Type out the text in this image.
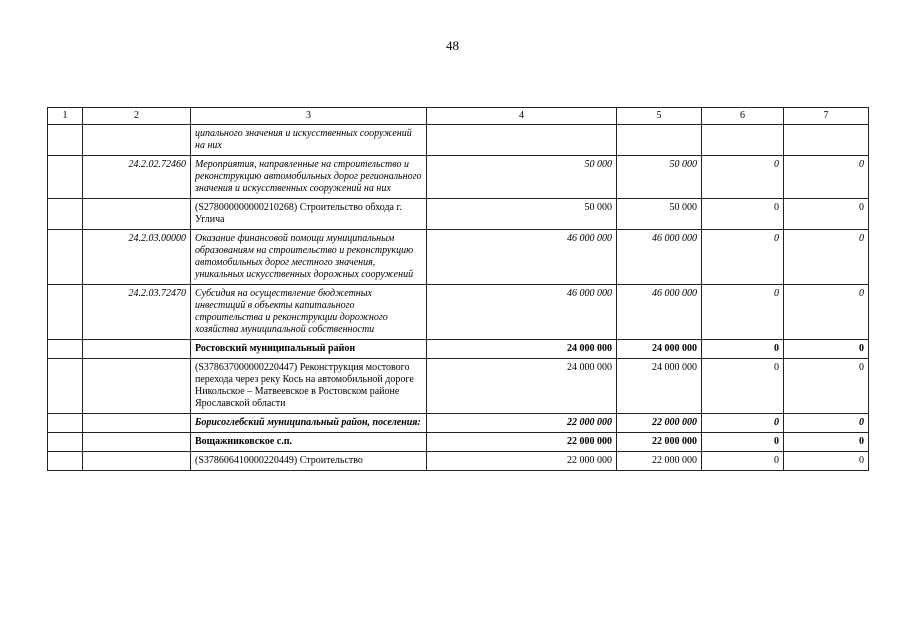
48
1	2	3	4	5	6	7
		ципального значения и искусственных сооружений на них				
	24.2.02.72460	Мероприятия, направленные на строительство и реконструкцию автомобильных дорог регионального значения и искусственных сооружений на них	50 000	50 000	0	0
		(S278000000000210268) Строительство обхода г. Углича	50 000	50 000	0	0
	24.2.03.00000	Оказание финансовой помощи муниципальным образованиям на строительство и реконструкцию автомобильных дорог местного значения, уникальных искусственных дорожных сооружений	46 000 000	46 000 000	0	0
	24.2.03.72470	Субсидия на осуществление бюджетных инвестиций в объекты капитального строительства и реконструкции дорожного хозяйства муниципальной собственности	46 000 000	46 000 000	0	0
		Ростовский муниципальный район	24 000 000	24 000 000	0	0
		(S378637000000220447) Реконструкция мостового перехода через реку Кось на автомобильной дороге Никольское – Матвеевское в Ростовском районе Ярославской области	24 000 000	24 000 000	0	0
		Борисоглебский муниципальный район, поселения:	22 000 000	22 000 000	0	0
		Вощажниковское с.п.	22 000 000	22 000 000	0	0
		(S378606410000220449) Строительство	22 000 000	22 000 000	0	0
